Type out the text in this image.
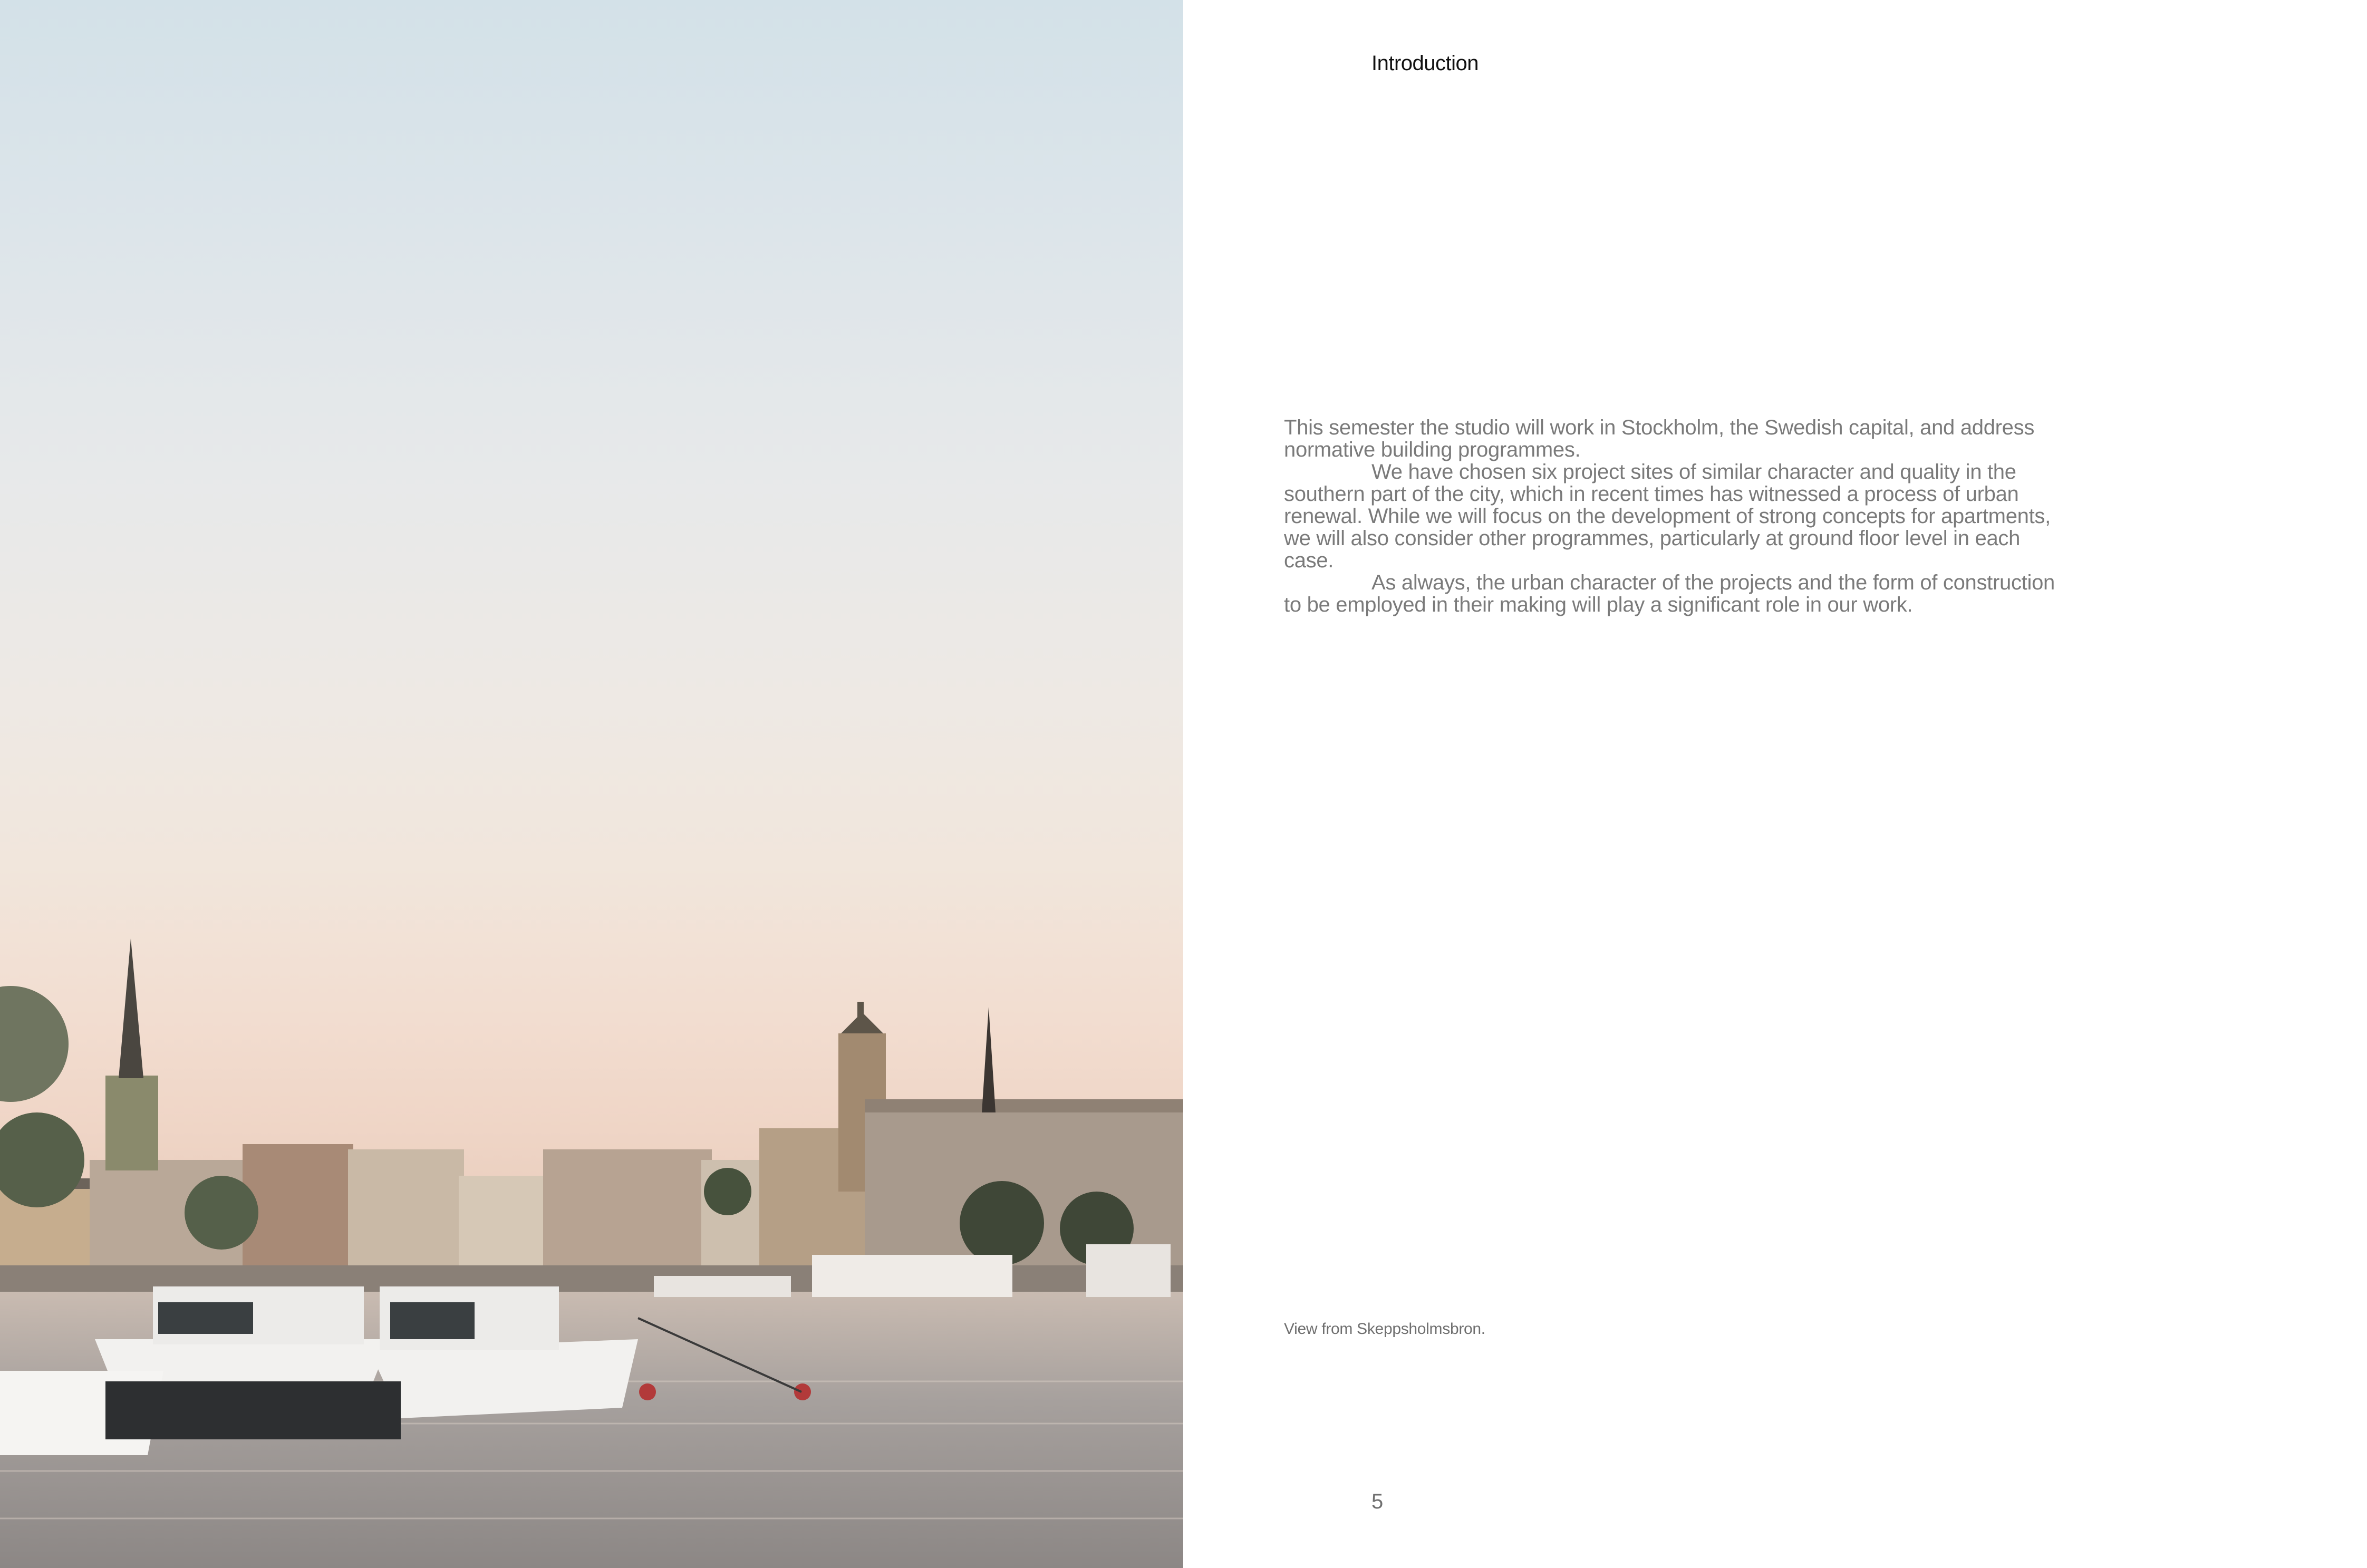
Introduction

This semester the studio will work in Stockholm, the Swedish capital, and address normative building programmes.

We have chosen six project sites of similar character and quality in the southern part of the city, which in recent times has witnessed a process of urban renewal. While we will focus on the development of strong concepts for apartments, we will also consider other programmes, particularly at ground floor level in each case.

As always, the urban character of the projects and the form of construction to be employed in their making will play a significant role in our work.

View from Skeppsholmsbron.
5
